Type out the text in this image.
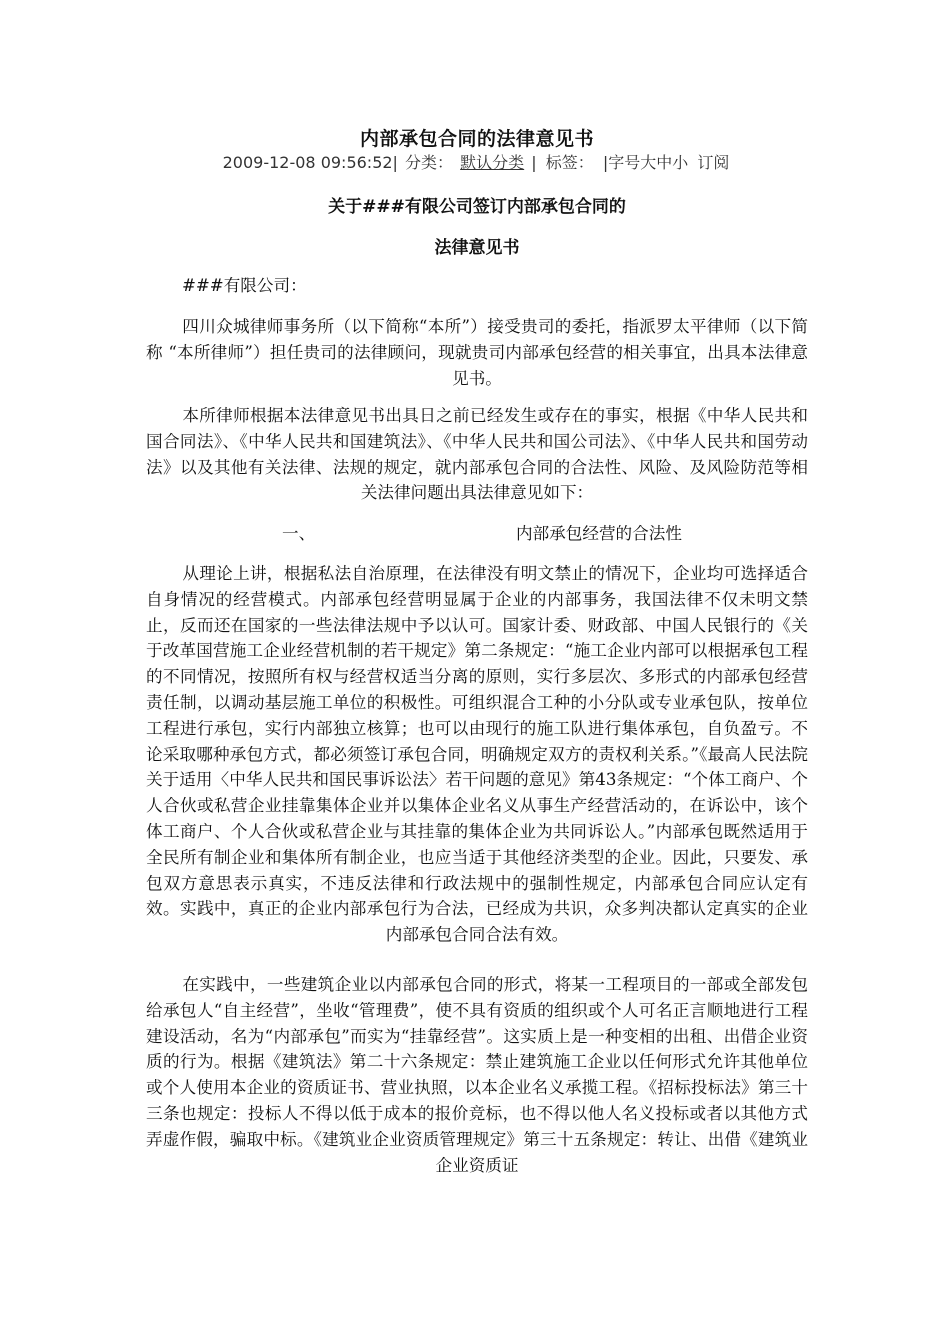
内部承包合同的法律意见书
2009-12-08 09:56:52| 分类： 默认分类 | 标签： |字号大中小 订阅
关于###有限公司签订内部承包合同的
法律意见书
###有限公司：
四川众城律师事务所（以下简称“本所”）接受贵司的委托，指派罗太平律师（以下简称 “本所律师”）担任贵司的法律顾问，现就贵司内部承包经营的相关事宜，出具本法律意见书。
本所律师根据本法律意见书出具日之前已经发生或存在的事实，根据《中华人民共和国合同法》、《中华人民共和国建筑法》、《中华人民共和国公司法》、《中华人民共和国劳动法》以及其他有关法律、法规的规定，就内部承包合同的合法性、风险、及风险防范等相关法律问题出具法律意见如下：
一、	内部承包经营的合法性
从理论上讲，根据私法自治原理，在法律没有明文禁止的情况下，企业均可选择适合自身情况的经营模式。内部承包经营明显属于企业的内部事务，我国法律不仅未明文禁止，反而还在国家的一些法律法规中予以认可。国家计委、财政部、中国人民银行的《关于改革国营施工企业经营机制的若干规定》第二条规定：“施工企业内部可以根据承包工程的不同情况，按照所有权与经营权适当分离的原则，实行多层次、多形式的内部承包经营责任制，以调动基层施工单位的积极性。可组织混合工种的小分队或专业承包队，按单位工程进行承包，实行内部独立核算；也可以由现行的施工队进行集体承包，自负盈亏。不论采取哪种承包方式，都必须签订承包合同，明确规定双方的责权利关系。”《最高人民法院关于适用〈中华人民共和国民事诉讼法〉若干问题的意见》第43条规定：“个体工商户、个人合伙或私营企业挂靠集体企业并以集体企业名义从事生产经营活动的，在诉讼中，该个体工商户、个人合伙或私营企业与其挂靠的集体企业为共同诉讼人。”内部承包既然适用于全民所有制企业和集体所有制企业，也应当适于其他经济类型的企业。因此，只要发、承包双方意思表示真实，不违反法律和行政法规中的强制性规定，内部承包合同应认定有效。实践中，真正的企业内部承包行为合法，已经成为共识，众多判决都认定真实的企业内部承包合同合法有效。
在实践中，一些建筑企业以内部承包合同的形式，将某一工程项目的一部或全部发包给承包人“自主经营”，坐收“管理费”，使不具有资质的组织或个人可名正言顺地进行工程建设活动，名为“内部承包”而实为“挂靠经营”。这实质上是一种变相的出租、出借企业资质的行为。根据《建筑法》第二十六条规定：禁止建筑施工企业以任何形式允许其他单位或个人使用本企业的资质证书、营业执照，以本企业名义承揽工程。《招标投标法》第三十三条也规定：投标人不得以低于成本的报价竞标，也不得以他人名义投标或者以其他方式弄虚作假，骗取中标。《建筑业企业资质管理规定》第三十五条规定：转让、出借《建筑业企业资质证
